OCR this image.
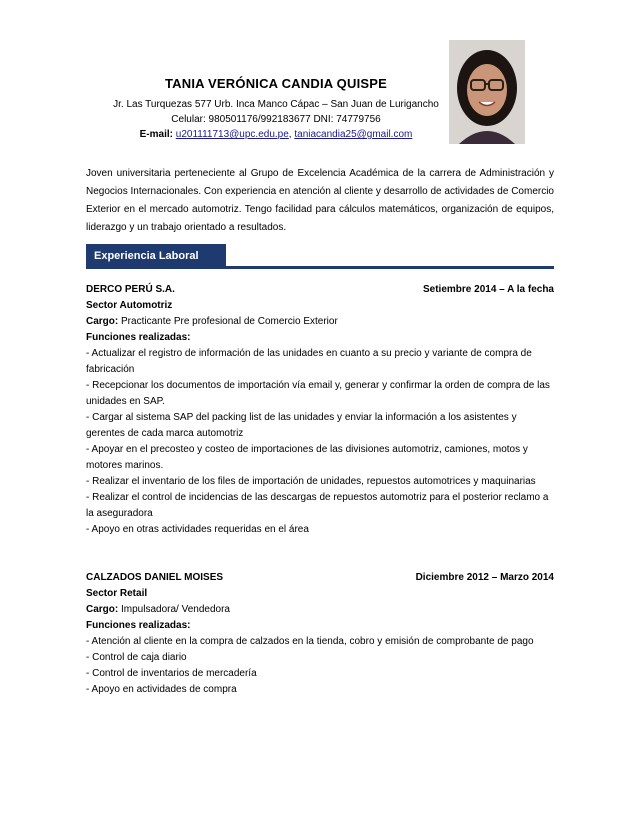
TANIA VERÓNICA CANDIA QUISPE
Jr. Las Turquezas 577 Urb. Inca Manco Cápac – San Juan de Lurigancho
Celular: 980501176/992183677 DNI: 74779756
E-mail: u201111713@upc.edu.pe, taniacandia25@gmail.com
Joven universitaria perteneciente al Grupo de Excelencia Académica de la carrera de Administración y Negocios Internacionales. Con experiencia en atención al cliente y desarrollo de actividades de Comercio Exterior en el mercado automotriz. Tengo facilidad para cálculos matemáticos, organización de equipos, liderazgo y un trabajo orientado a resultados.
Experiencia Laboral
DERCO PERÚ S.A.	Setiembre 2014 – A la fecha
Sector Automotriz
Cargo: Practicante Pre profesional de Comercio Exterior
Funciones realizadas:
- Actualizar el registro de información de las unidades en cuanto a su precio y variante de compra de fabricación
- Recepcionar los documentos de importación vía email y, generar y confirmar la orden de compra de las unidades en SAP.
- Cargar al sistema SAP del packing list de las unidades y enviar la información a los asistentes y gerentes de cada marca automotriz
- Apoyar en el precosteo y costeo de importaciones de las divisiones automotriz, camiones, motos y motores marinos.
- Realizar el inventario de los files de importación de unidades, repuestos automotrices y maquinarias
- Realizar el control de incidencias de las descargas de repuestos automotriz para el posterior reclamo a la aseguradora
- Apoyo en otras actividades requeridas en el área
CALZADOS DANIEL MOISES	Diciembre 2012 – Marzo 2014
Sector Retail
Cargo: Impulsadora/ Vendedora
Funciones realizadas:
- Atención al cliente en la compra de calzados en la tienda, cobro y emisión de comprobante de pago
- Control de caja diario
- Control de inventarios de mercadería
- Apoyo en actividades de compra
